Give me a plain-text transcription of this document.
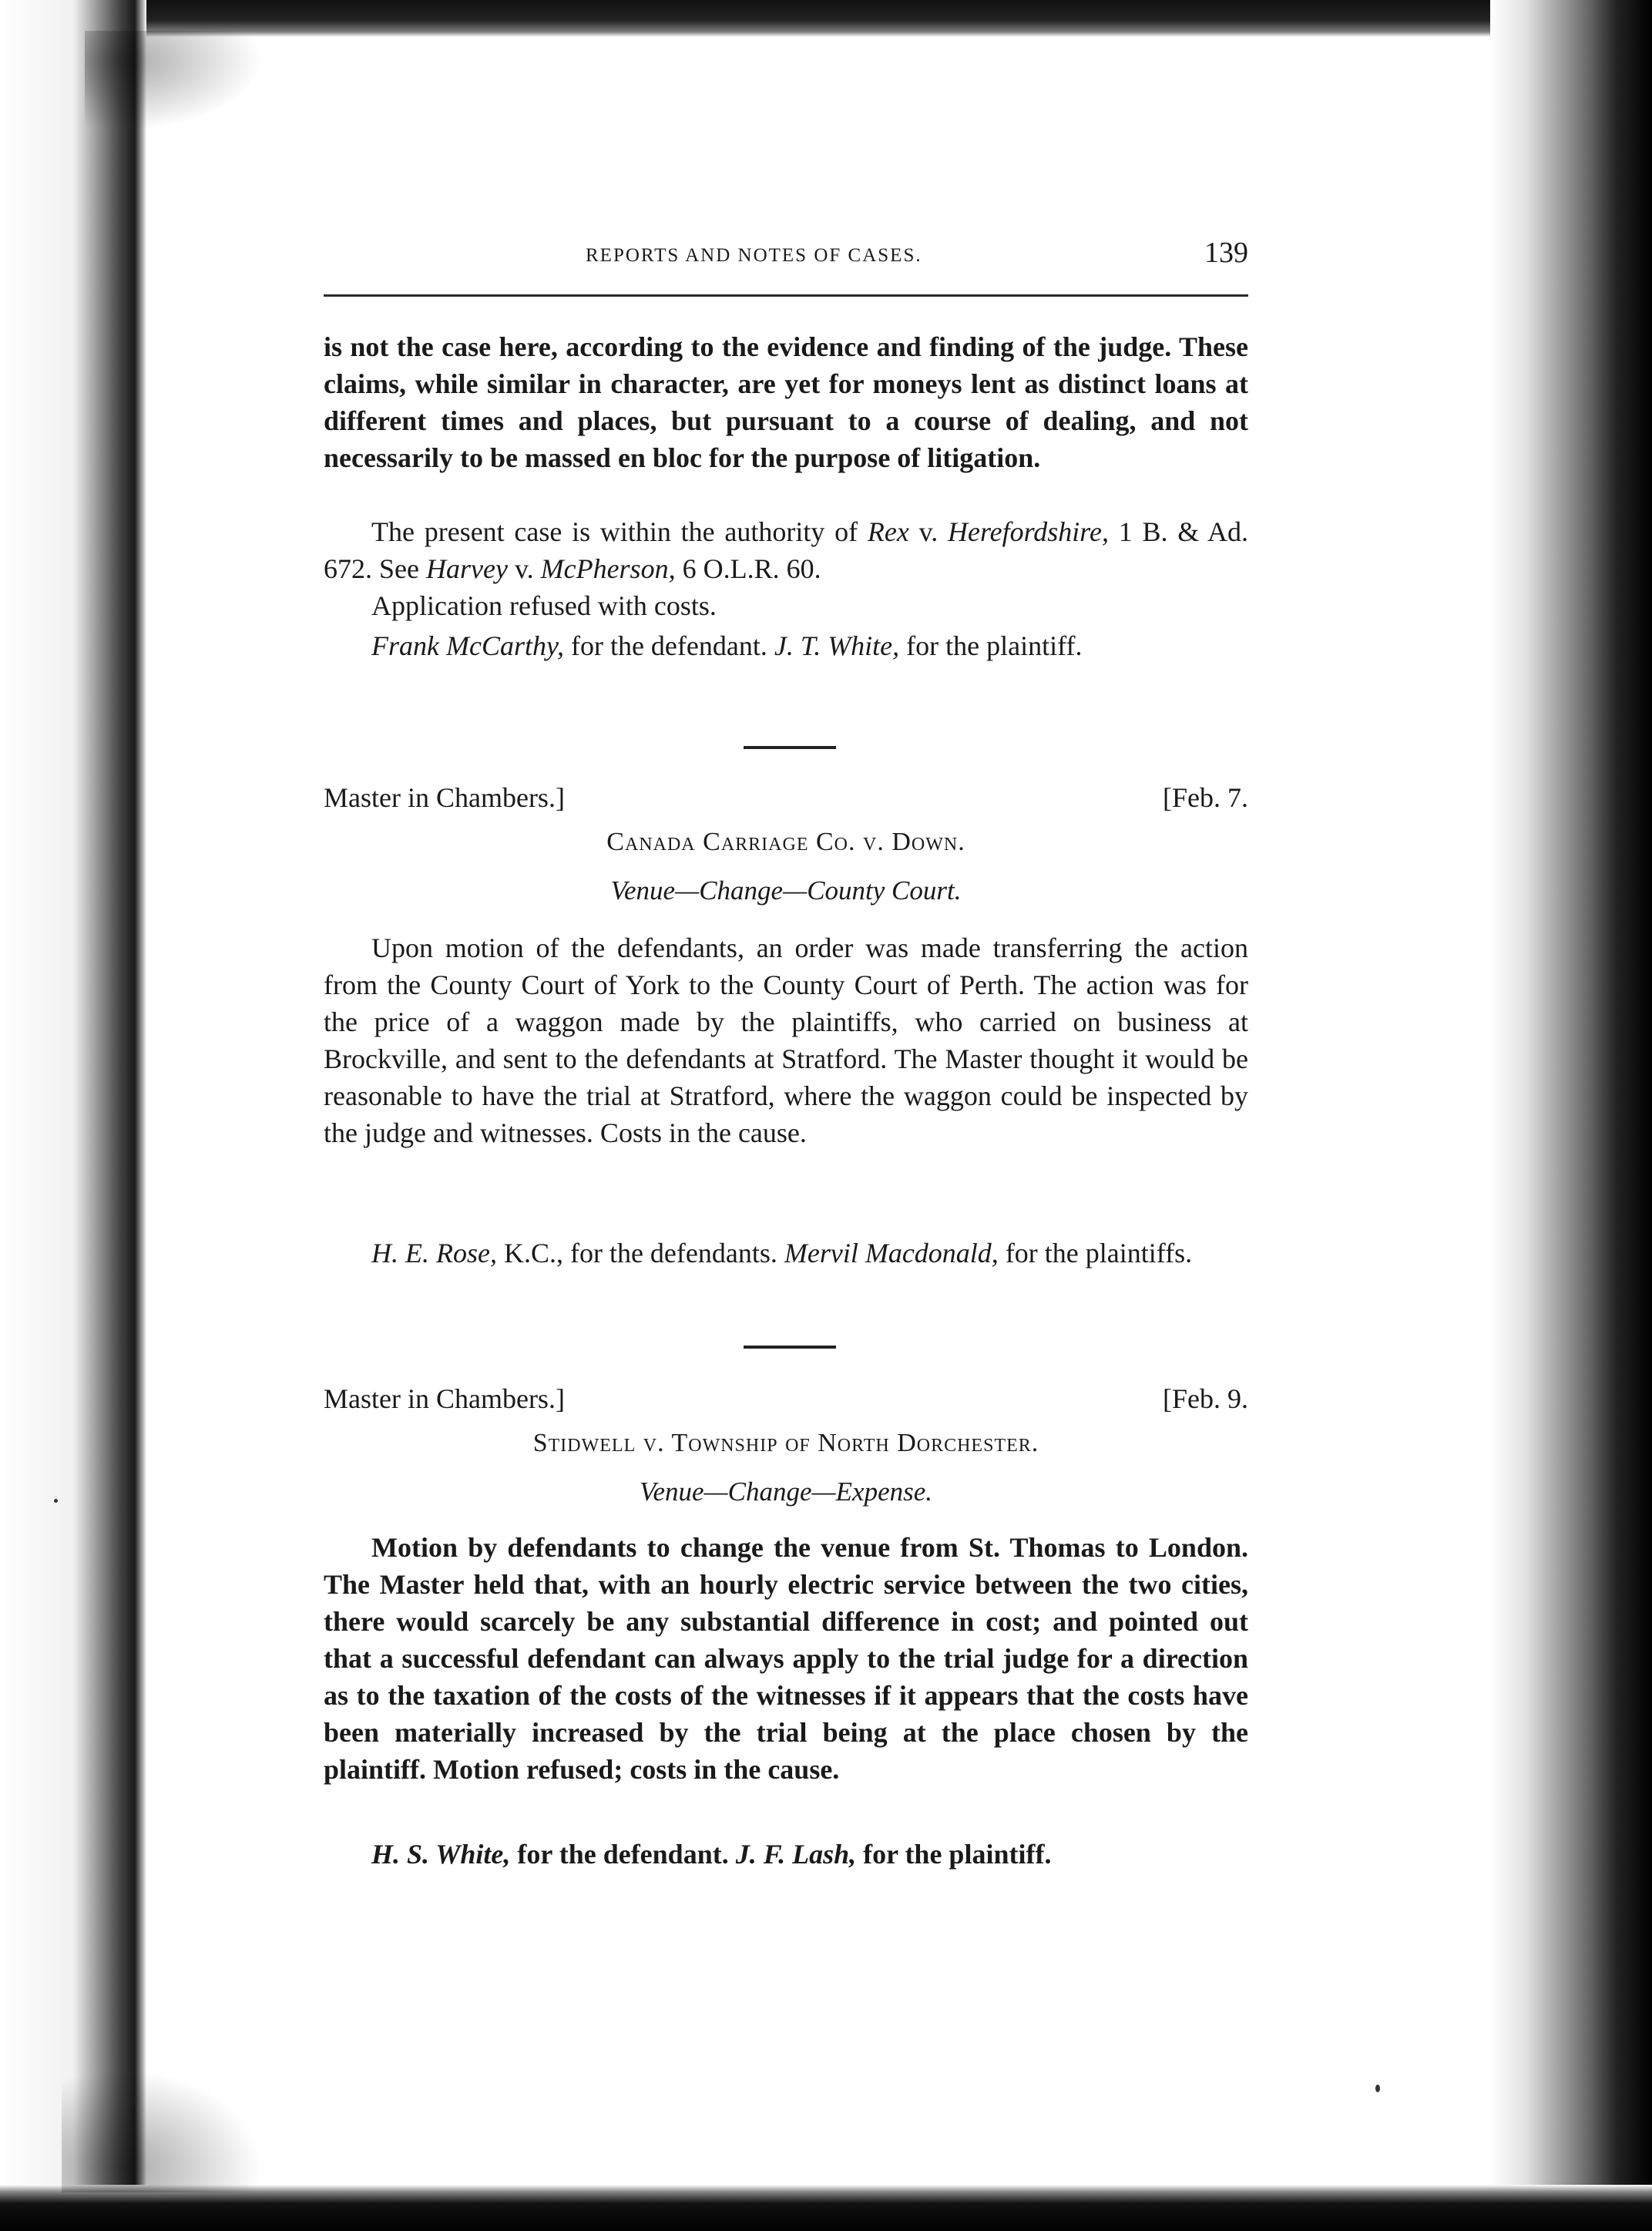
REPORTS AND NOTES OF CASES.	139

is not the case here, according to the evidence and finding of the judge. These claims, while similar in character, are yet for moneys lent as distinct loans at different times and places, but pursuant to a course of dealing, and not necessarily to be massed en bloc for the purpose of litigation.

The present case is within the authority of Rex v. Herefordshire, 1 B. & Ad. 672. See Harvey v. McPherson, 6 O.L.R. 60.

Application refused with costs.

Frank McCarthy, for the defendant. J. T. White, for the plaintiff.

Master in Chambers.]	[Feb. 7.
Canada Carriage Co. v. Down.
Venue—Change—County Court.

Upon motion of the defendants, an order was made transferring the action from the County Court of York to the County Court of Perth. The action was for the price of a waggon made by the plaintiffs, who carried on business at Brockville, and sent to the defendants at Stratford. The Master thought it would be reasonable to have the trial at Stratford, where the waggon could be inspected by the judge and witnesses. Costs in the cause.

H. E. Rose, K.C., for the defendants. Mervil Macdonald, for the plaintiffs.

Master in Chambers.]	[Feb. 9.
Stidwell v. Township of North Dorchester.
Venue—Change—Expense.

Motion by defendants to change the venue from St. Thomas to London. The Master held that, with an hourly electric service between the two cities, there would scarcely be any substantial difference in cost; and pointed out that a successful defendant can always apply to the trial judge for a direction as to the taxation of the costs of the witnesses if it appears that the costs have been materially increased by the trial being at the place chosen by the plaintiff. Motion refused; costs in the cause.

H. S. White, for the defendant. J. F. Lash, for the plaintiff.
